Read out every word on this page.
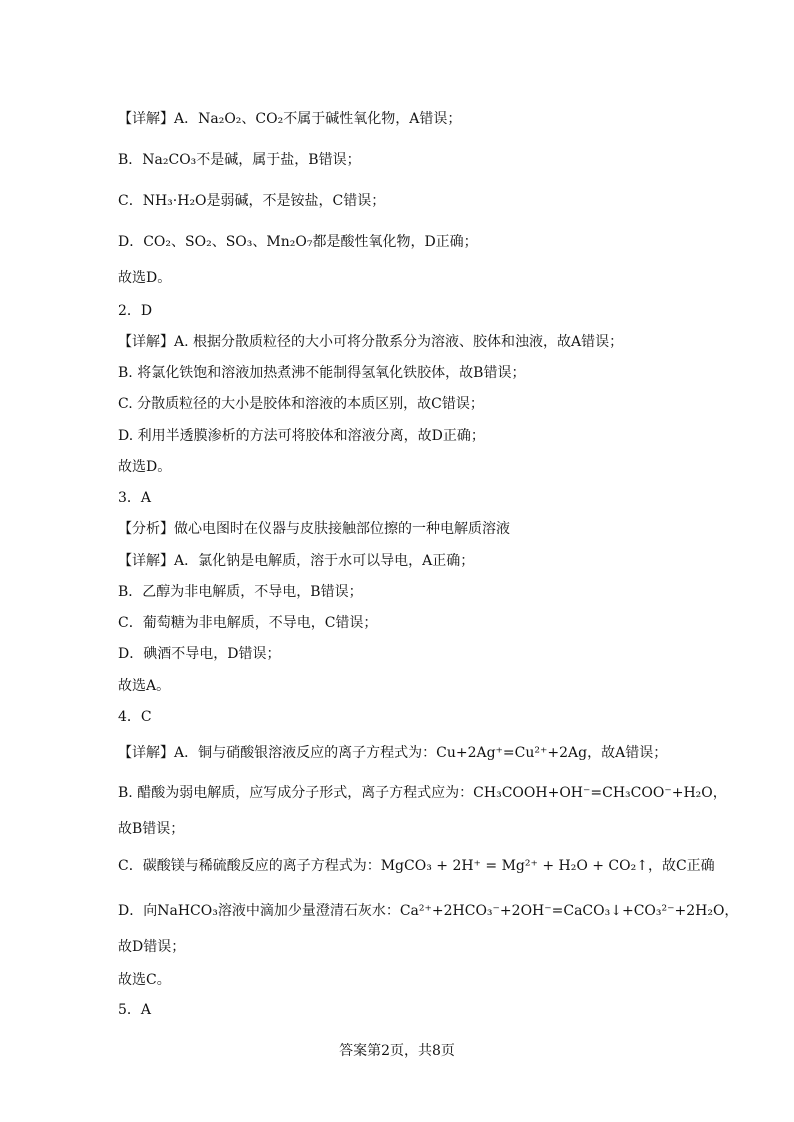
【详解】A．Na₂O₂、CO₂不属于碱性氧化物，A错误；
B．Na₂CO₃不是碱，属于盐，B错误；
C．NH₃·H₂O是弱碱，不是铵盐，C错误；
D．CO₂、SO₂、SO₃、Mn₂O₇都是酸性氧化物，D正确；
故选D。
2．D
【详解】A. 根据分散质粒径的大小可将分散系分为溶液、胶体和浊液，故A错误；
B. 将氯化铁饱和溶液加热煮沸不能制得氢氧化铁胶体，故B错误；
C. 分散质粒径的大小是胶体和溶液的本质区别，故C错误；
D. 利用半透膜渗析的方法可将胶体和溶液分离，故D正确；
故选D。
3．A
【分析】做心电图时在仪器与皮肤接触部位擦的一种电解质溶液
【详解】A．氯化钠是电解质，溶于水可以导电，A正确；
B．乙醇为非电解质，不导电，B错误；
C．葡萄糖为非电解质，不导电，C错误；
D．碘酒不导电，D错误；
故选A。
4．C
【详解】A．铜与硝酸银溶液反应的离子方程式为：Cu+2Ag⁺=Cu²⁺+2Ag，故A错误；
B. 醋酸为弱电解质，应写成分子形式，离子方程式应为：CH₃COOH+OH⁻=CH₃COO⁻+H₂O，
故B错误；
C．碳酸镁与稀硫酸反应的离子方程式为：MgCO₃ + 2H⁺ = Mg²⁺ + H₂O + CO₂↑，故C正确
D．向NaHCO₃溶液中滴加少量澄清石灰水：Ca²⁺+2HCO₃⁻+2OH⁻=CaCO₃↓+CO₃²⁻+2H₂O，
故D错误；
故选C。
5．A
答案第2页，共8页
